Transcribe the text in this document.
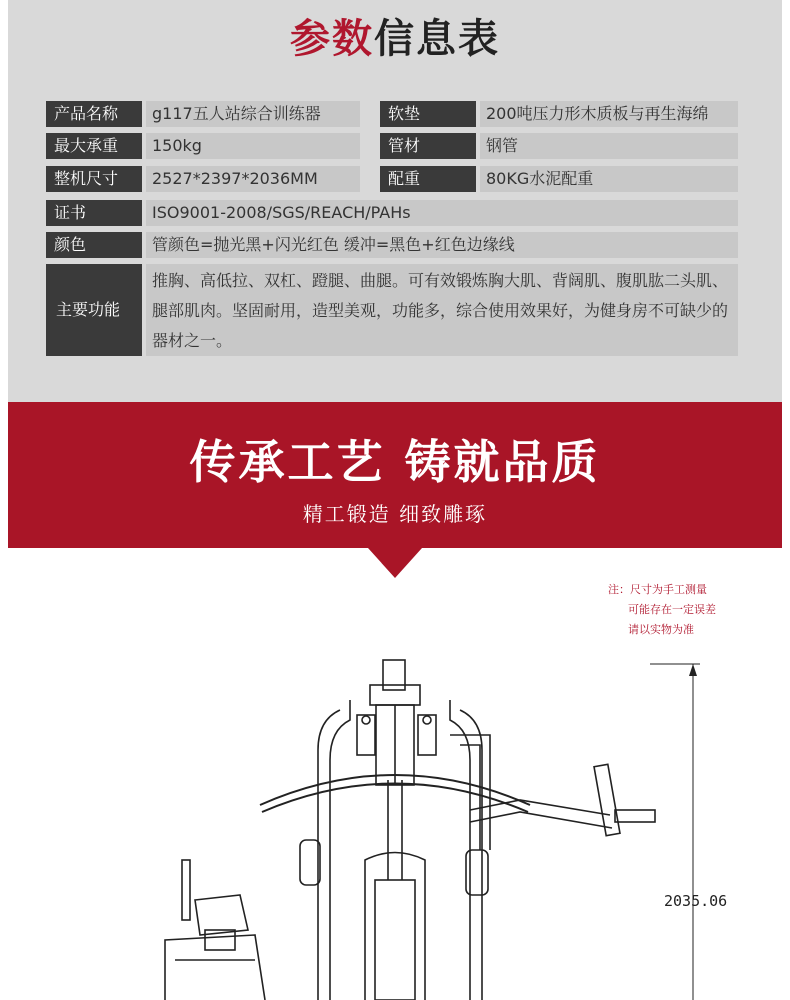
参数信息表
产品名称	g117五人站综合训练器	软垫	200吨压力形木质板与再生海绵
最大承重	150kg	管材	钢管
整机尺寸	2527*2397*2036MM	配重	80KG水泥配重
证书	ISO9001-2008/SGS/REACH/PAHs
颜色	管颜色=抛光黑+闪光红色 缓冲=黑色+红色边缘线
主要功能
推胸、高低拉、双杠、蹬腿、曲腿。可有效锻炼胸大肌、背阔肌、腹肌肱二头肌、腿部肌肉。坚固耐用，造型美观，功能多，综合使用效果好，为健身房不可缺少的器材之一。
传承工艺 铸就品质
精工锻造 细致雕琢
注：尺寸为手工测量
可能存在一定误差
请以实物为准
2035.06
